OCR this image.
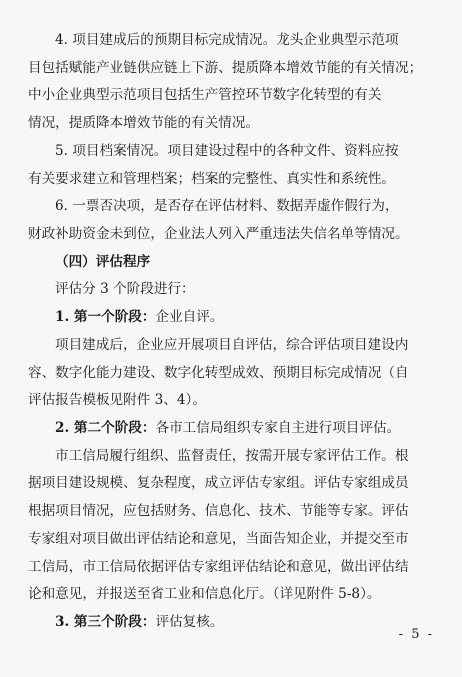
4. 项目建成后的预期目标完成情况。龙头企业典型示范项
目包括赋能产业链供应链上下游、提质降本增效节能的有关情况；
中小企业典型示范项目包括生产管控环节数字化转型的有关
情况，提质降本增效节能的有关情况。
5. 项目档案情况。项目建设过程中的各种文件、资料应按
有关要求建立和管理档案；档案的完整性、真实性和系统性。
6. 一票否决项，是否存在评估材料、数据弄虚作假行为，
财政补助资金未到位，企业法人列入严重违法失信名单等情况。
（四）评估程序
评估分 3 个阶段进行：
1. 第一个阶段：企业自评。
项目建成后，企业应开展项目自评估，综合评估项目建设内
容、数字化能力建设、数字化转型成效、预期目标完成情况（自
评估报告模板见附件 3、4）。
2. 第二个阶段：各市工信局组织专家自主进行项目评估。
市工信局履行组织、监督责任，按需开展专家评估工作。根
据项目建设规模、复杂程度，成立评估专家组。评估专家组成员
根据项目情况，应包括财务、信息化、技术、节能等专家。评估
专家组对项目做出评估结论和意见，当面告知企业，并提交至市
工信局，市工信局依据评估专家组评估结论和意见，做出评估结
论和意见，并报送至省工业和信息化厅。（详见附件 5-8）。
3. 第三个阶段：评估复核。
- 5 -
